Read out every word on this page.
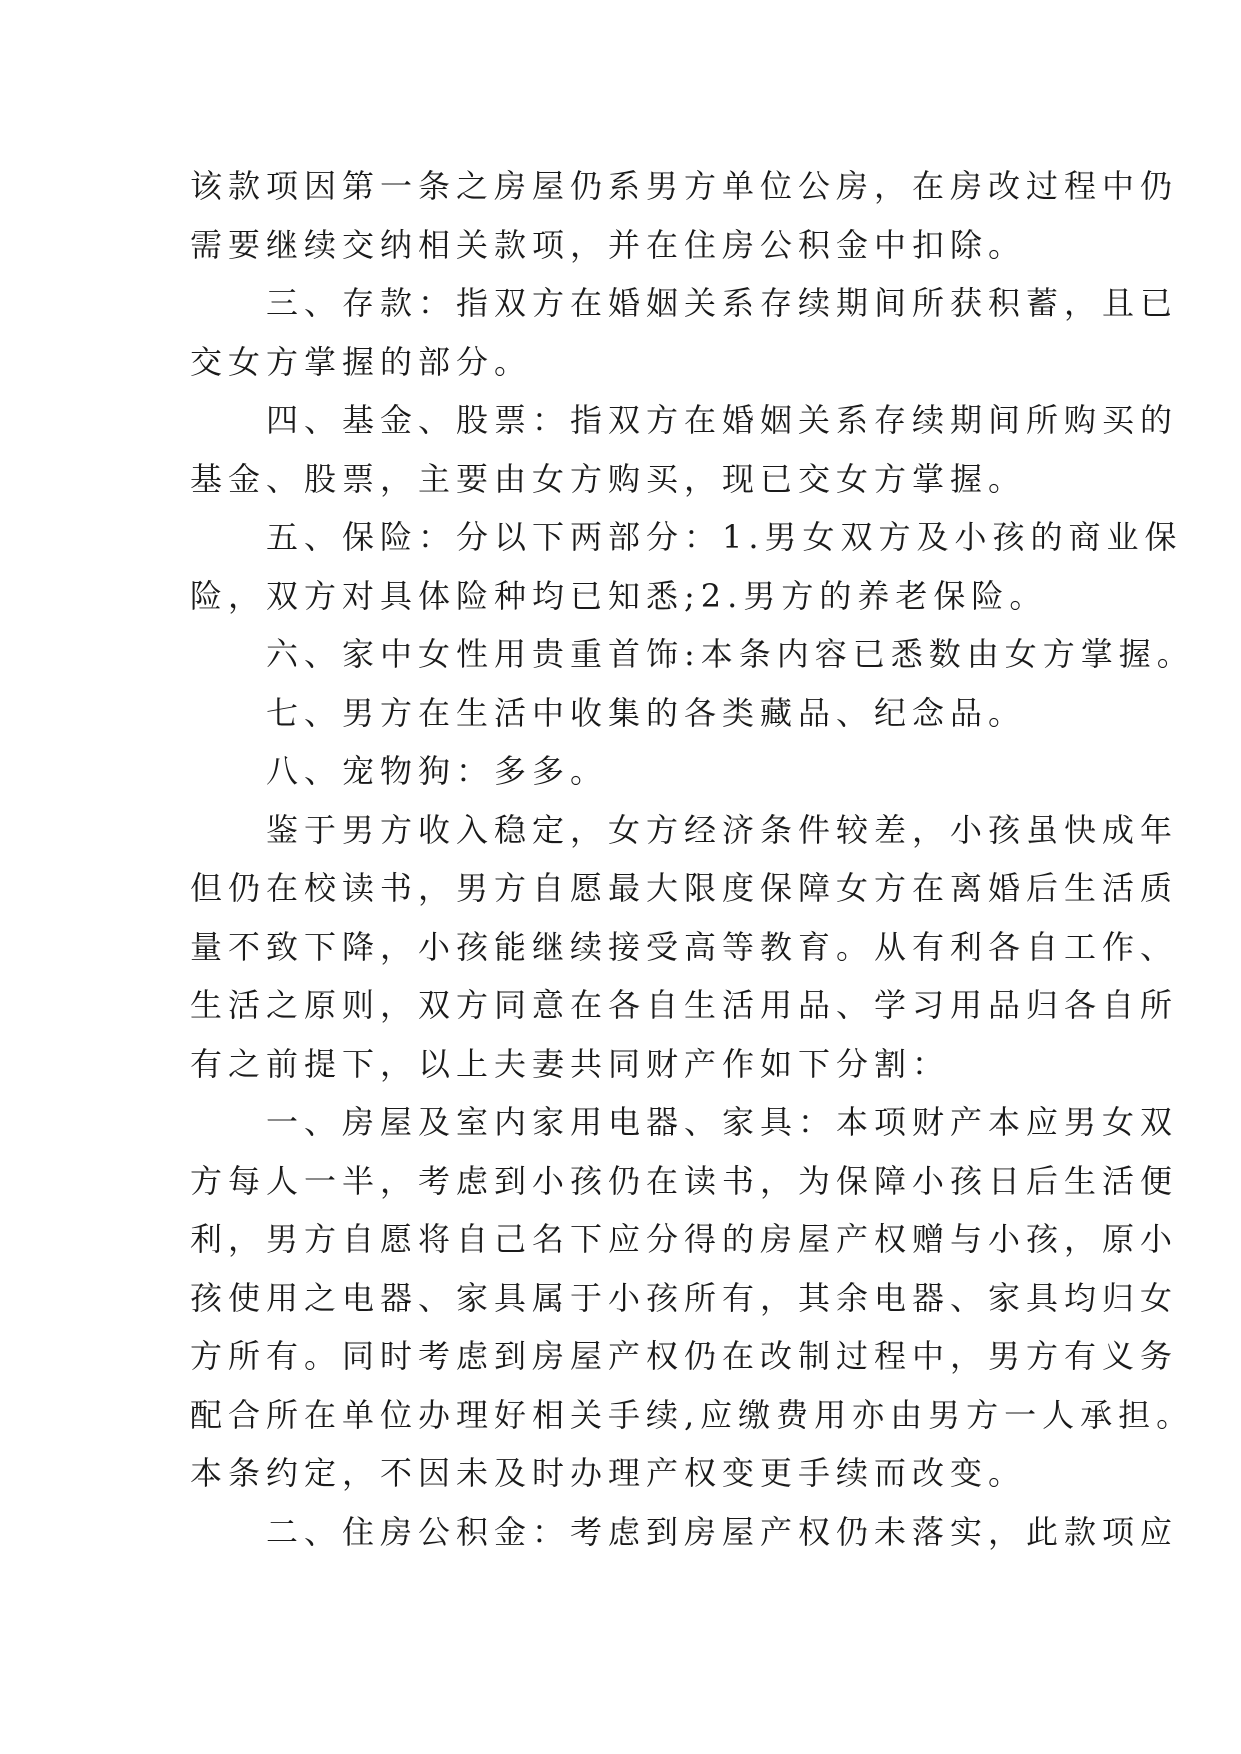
该款项因第一条之房屋仍系男方单位公房，在房改过程中仍
需要继续交纳相关款项，并在住房公积金中扣除。
　　三、存款：指双方在婚姻关系存续期间所获积蓄，且已
交女方掌握的部分。
　　四、基金、股票：指双方在婚姻关系存续期间所购买的
基金、股票，主要由女方购买，现已交女方掌握。
　　五、保险：分以下两部分：1.男女双方及小孩的商业保
险，双方对具体险种均已知悉;2.男方的养老保险。
　　六、家中女性用贵重首饰:本条内容已悉数由女方掌握。
　　七、男方在生活中收集的各类藏品、纪念品。
　　八、宠物狗：多多。
　　鉴于男方收入稳定，女方经济条件较差，小孩虽快成年
但仍在校读书，男方自愿最大限度保障女方在离婚后生活质
量不致下降，小孩能继续接受高等教育。从有利各自工作、
生活之原则，双方同意在各自生活用品、学习用品归各自所
有之前提下，以上夫妻共同财产作如下分割：
　　一、房屋及室内家用电器、家具：本项财产本应男女双
方每人一半，考虑到小孩仍在读书，为保障小孩日后生活便
利，男方自愿将自己名下应分得的房屋产权赠与小孩，原小
孩使用之电器、家具属于小孩所有，其余电器、家具均归女
方所有。同时考虑到房屋产权仍在改制过程中，男方有义务
配合所在单位办理好相关手续,应缴费用亦由男方一人承担。
本条约定，不因未及时办理产权变更手续而改变。
　　二、住房公积金：考虑到房屋产权仍未落实，此款项应
